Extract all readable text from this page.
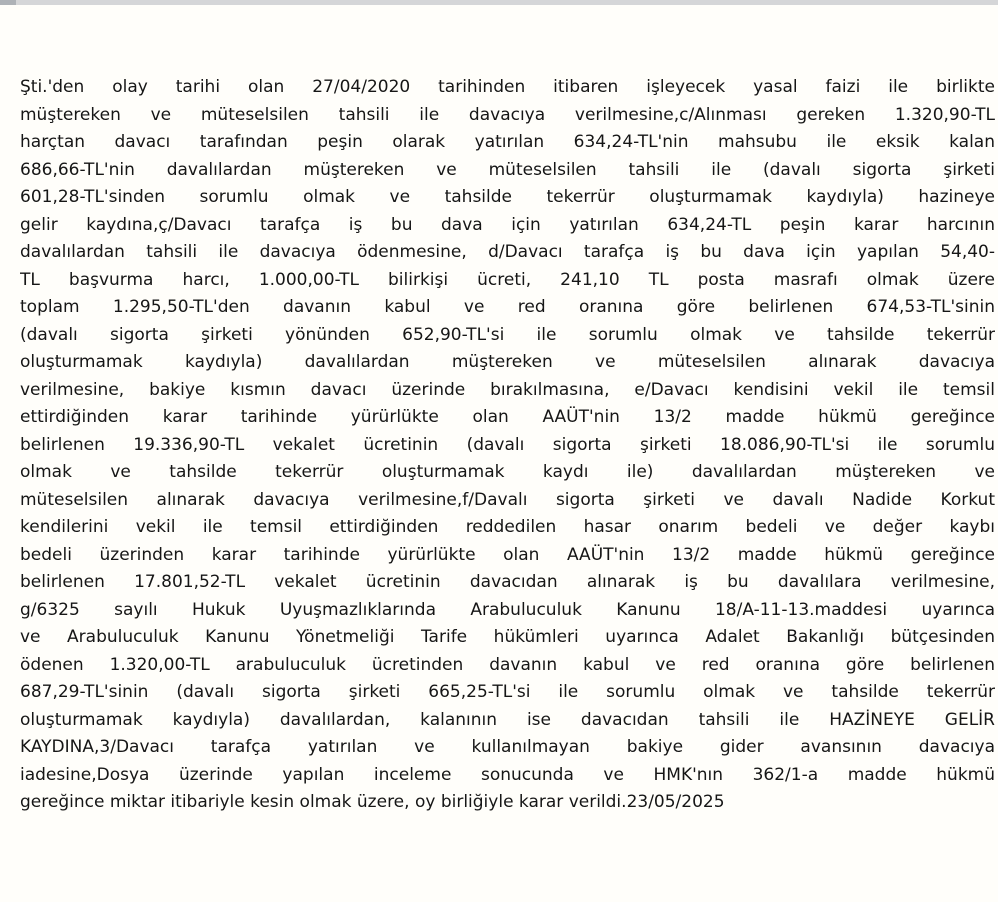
Şti.'den olay tarihi olan 27/04/2020 tarihinden itibaren işleyecek yasal faizi ile birlikte
müştereken ve müteselsilen tahsili ile davacıya verilmesine,c/Alınması gereken 1.320,90-TL
harçtan davacı tarafından peşin olarak yatırılan 634,24-TL'nin mahsubu ile eksik kalan
686,66-TL'nin davalılardan müştereken ve müteselsilen tahsili ile (davalı sigorta şirketi
601,28-TL'sinden sorumlu olmak ve tahsilde tekerrür oluşturmamak kaydıyla) hazineye
gelir kaydına,ç/Davacı tarafça iş bu dava için yatırılan 634,24-TL peşin karar harcının
davalılardan tahsili ile davacıya ödenmesine, d/Davacı tarafça iş bu dava için yapılan 54,40-
TL başvurma harcı, 1.000,00-TL bilirkişi ücreti, 241,10 TL posta masrafı olmak üzere
toplam 1.295,50-TL'den davanın kabul ve red oranına göre belirlenen 674,53-TL'sinin
(davalı sigorta şirketi yönünden 652,90-TL'si ile sorumlu olmak ve tahsilde tekerrür
oluşturmamak kaydıyla) davalılardan müştereken ve müteselsilen alınarak davacıya
verilmesine, bakiye kısmın davacı üzerinde bırakılmasına, e/Davacı kendisini vekil ile temsil
ettirdiğinden karar tarihinde yürürlükte olan AAÜT'nin 13/2 madde hükmü gereğince
belirlenen 19.336,90-TL vekalet ücretinin (davalı sigorta şirketi 18.086,90-TL'si ile sorumlu
olmak ve tahsilde tekerrür oluşturmamak kaydı ile) davalılardan müştereken ve
müteselsilen alınarak davacıya verilmesine,f/Davalı sigorta şirketi ve davalı Nadide Korkut
kendilerini vekil ile temsil ettirdiğinden reddedilen hasar onarım bedeli ve değer kaybı
bedeli üzerinden karar tarihinde yürürlükte olan AAÜT'nin 13/2 madde hükmü gereğince
belirlenen 17.801,52-TL vekalet ücretinin davacıdan alınarak iş bu davalılara verilmesine,
g/6325 sayılı Hukuk Uyuşmazlıklarında Arabuluculuk Kanunu 18/A-11-13.maddesi uyarınca
ve Arabuluculuk Kanunu Yönetmeliği Tarife hükümleri uyarınca Adalet Bakanlığı bütçesinden
ödenen 1.320,00-TL arabuluculuk ücretinden davanın kabul ve red oranına göre belirlenen
687,29-TL'sinin (davalı sigorta şirketi 665,25-TL'si ile sorumlu olmak ve tahsilde tekerrür
oluşturmamak kaydıyla) davalılardan, kalanının ise davacıdan tahsili ile HAZİNEYE GELİR
KAYDINA,3/Davacı tarafça yatırılan ve kullanılmayan bakiye gider avansının davacıya
iadesine,Dosya üzerinde yapılan inceleme sonucunda ve HMK'nın 362/1-a madde hükmü
gereğince miktar itibariyle kesin olmak üzere, oy birliğiyle karar verildi.23/05/2025
